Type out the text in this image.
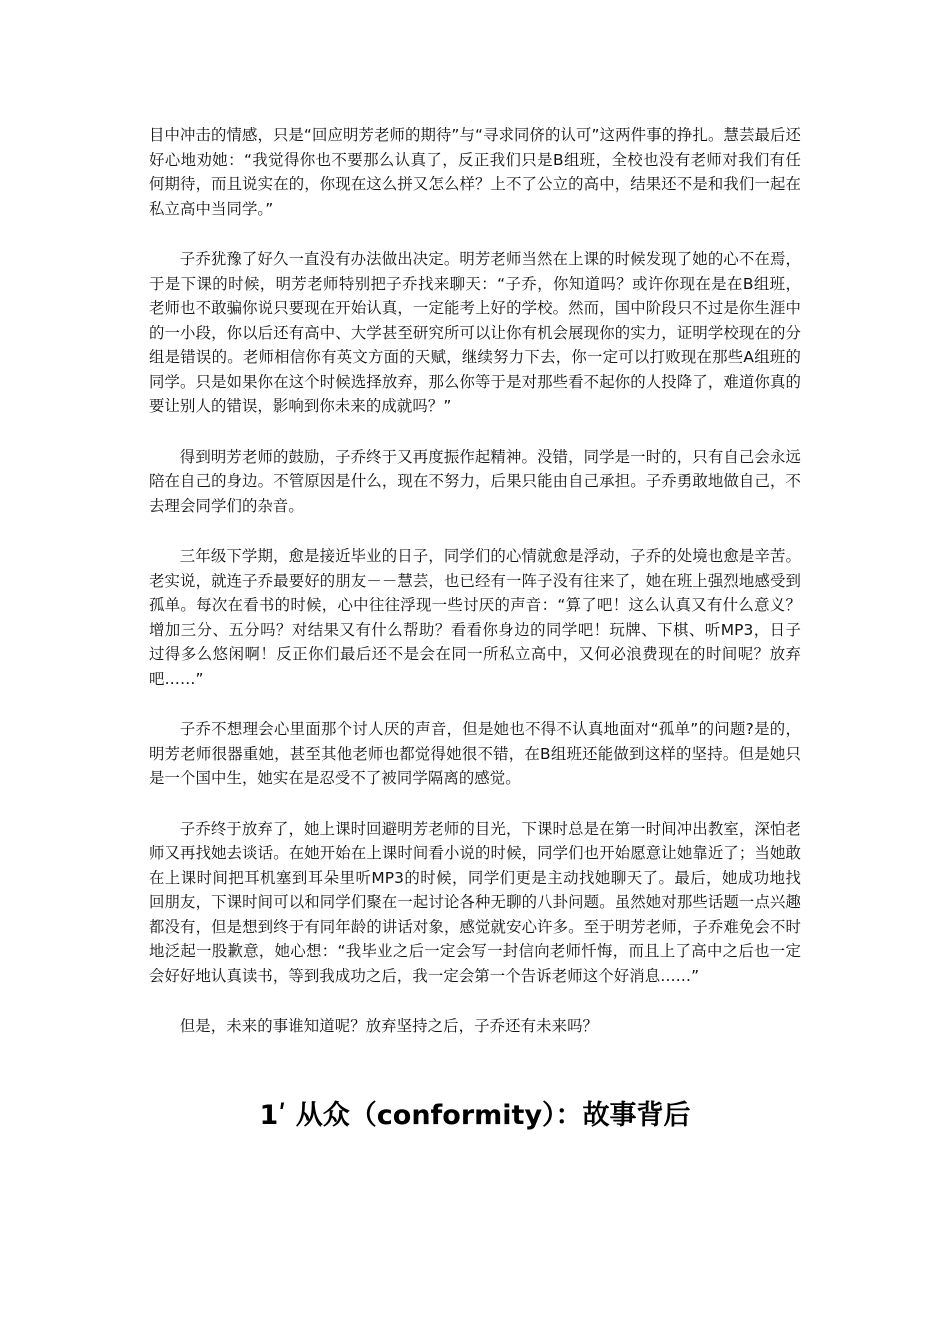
目中冲击的情感，只是“回应明芳老师的期待”与“寻求同侪的认可”这两件事的挣扎。慧芸最后还好心地劝她：“我觉得你也不要那么认真了，反正我们只是B组班，全校也没有老师对我们有任何期待，而且说实在的，你现在这么拼又怎么样？上不了公立的高中，结果还不是和我们一起在私立高中当同学。”

子乔犹豫了好久一直没有办法做出决定。明芳老师当然在上课的时候发现了她的心不在焉，于是下课的时候，明芳老师特别把子乔找来聊天：“子乔，你知道吗？或许你现在是在B组班，老师也不敢骗你说只要现在开始认真，一定能考上好的学校。然而，国中阶段只不过是你生涯中的一小段，你以后还有高中、大学甚至研究所可以让你有机会展现你的实力，证明学校现在的分组是错误的。老师相信你有英文方面的天赋，继续努力下去，你一定可以打败现在那些A组班的同学。只是如果你在这个时候选择放弃，那么你等于是对那些看不起你的人投降了，难道你真的要让别人的错误，影响到你未来的成就吗？”

得到明芳老师的鼓励，子乔终于又再度振作起精神。没错，同学是一时的，只有自己会永远陪在自己的身边。不管原因是什么，现在不努力，后果只能由自己承担。子乔勇敢地做自己，不去理会同学们的杂音。

三年级下学期，愈是接近毕业的日子，同学们的心情就愈是浮动，子乔的处境也愈是辛苦。老实说，就连子乔最要好的朋友－－慧芸，也已经有一阵子没有往来了，她在班上强烈地感受到孤单。每次在看书的时候，心中往往浮现一些讨厌的声音：“算了吧！这么认真又有什么意义？增加三分、五分吗？对结果又有什么帮助？看看你身边的同学吧！玩牌、下棋、听MP3，日子过得多么悠闲啊！反正你们最后还不是会在同一所私立高中，又何必浪费现在的时间呢？放弃吧……”

子乔不想理会心里面那个讨人厌的声音，但是她也不得不认真地面对“孤单”的问题?是的，明芳老师很器重她，甚至其他老师也都觉得她很不错，在B组班还能做到这样的坚持。但是她只是一个国中生，她实在是忍受不了被同学隔离的感觉。

子乔终于放弃了，她上课时回避明芳老师的目光，下课时总是在第一时间冲出教室，深怕老师又再找她去谈话。在她开始在上课时间看小说的时候，同学们也开始愿意让她靠近了；当她敢在上课时间把耳机塞到耳朵里听MP3的时候，同学们更是主动找她聊天了。最后，她成功地找回朋友，下课时间可以和同学们聚在一起讨论各种无聊的八卦问题。虽然她对那些话题一点兴趣都没有，但是想到终于有同年龄的讲话对象，感觉就安心许多。至于明芳老师，子乔难免会不时地泛起一股歉意，她心想：“我毕业之后一定会写一封信向老师忏悔，而且上了高中之后也一定会好好地认真读书，等到我成功之后，我一定会第一个告诉老师这个好消息……”

但是，未来的事谁知道呢？放弃坚持之后，子乔还有未来吗？

1ʹ 从众（conformity）：故事背后
